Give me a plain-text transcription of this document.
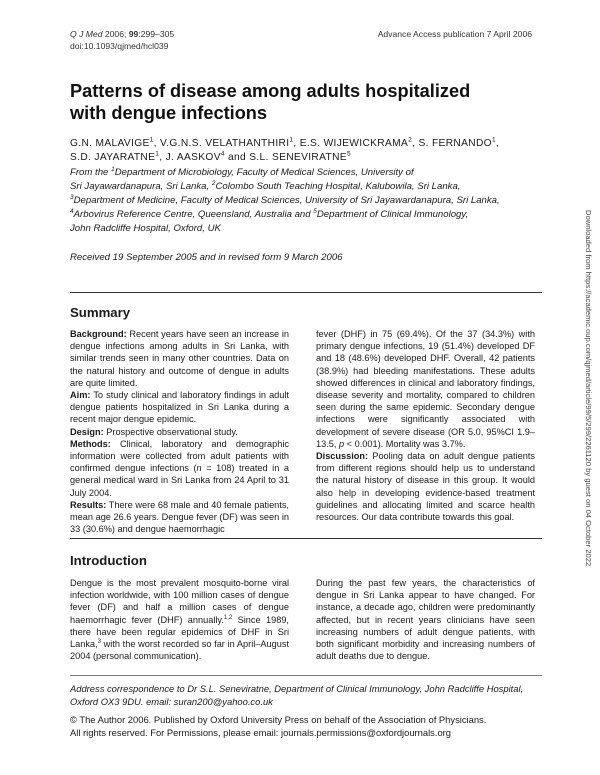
Q J Med 2006; 99:299–305
doi:10.1093/qjmed/hcl039
Advance Access publication 7 April 2006
Patterns of disease among adults hospitalized
with dengue infections
G.N. MALAVIGE$^1$, V.G.N.S. VELATHANTHIRI$^1$, E.S. WIJEWICKRAMA$^2$, S. FERNANDO$^1$,
S.D. JAYARATNE$^1$, J. AASKOV$^4$ and S.L. SENEVIRATNE$^5$
From the $^1$Department of Microbiology, Faculty of Medical Sciences, University of
Sri Jayawardanapura, Sri Lanka, $^2$Colombo South Teaching Hospital, Kalubowila, Sri Lanka,
$^3$Department of Medicine, Faculty of Medical Sciences, University of Sri Jayawardanapura, Sri Lanka,
$^4$Arbovirus Reference Centre, Queensland, Australia and $^5$Department of Clinical Immunology,
John Radcliffe Hospital, Oxford, UK
Received 19 September 2005 and in revised form 9 March 2006
Summary

Background: Recent years have seen an increase in dengue infections among adults in Sri Lanka, with similar trends seen in many other countries. Data on the natural history and outcome of dengue in adults are quite limited.

Aim: To study clinical and laboratory findings in adult dengue patients hospitalized in Sri Lanka during a recent major dengue epidemic.

Design: Prospective observational study.

Methods: Clinical, laboratory and demographic information were collected from adult patients with confirmed dengue infections (n = 108) treated in a general medical ward in Sri Lanka from 24 April to 31 July 2004.

Results: There were 68 male and 40 female patients, mean age 26.6 years. Dengue fever (DF) was seen in 33 (30.6%) and dengue haemorrhagic

fever (DHF) in 75 (69.4%). Of the 37 (34.3%) with primary dengue infections, 19 (51.4%) developed DF and 18 (48.6%) developed DHF. Overall, 42 patients (38.9%) had bleeding manifestations. These adults showed differences in clinical and laboratory findings, disease severity and mortality, compared to children seen during the same epidemic. Secondary dengue infections were significantly associated with development of severe disease (OR 5.0, 95%CI 1.9–13.5, p < 0.001). Mortality was 3.7%.

Discussion: Pooling data on adult dengue patients from different regions should help us to understand the natural history of disease in this group. It would also help in developing evidence-based treatment guidelines and allocating limited and scarce health resources. Our data contribute towards this goal.

Introduction

Dengue is the most prevalent mosquito-borne viral infection worldwide, with 100 million cases of dengue fever (DF) and half a million cases of dengue haemorrhagic fever (DHF) annually.$^{1,2}$ Since 1989, there have been regular epidemics of DHF in Sri Lanka,$^3$ with the worst recorded so far in April–August 2004 (personal communication).

During the past few years, the characteristics of dengue in Sri Lanka appear to have changed. For instance, a decade ago, children were predominantly affected, but in recent years clinicians have seen increasing numbers of adult dengue patients, with both significant morbidity and increasing numbers of adult deaths due to dengue.

Address correspondence to Dr S.L. Seneviratne, Department of Clinical Immunology, John Radcliffe Hospital, Oxford OX3 9DU. email: suran200@yahoo.co.uk
© The Author 2006. Published by Oxford University Press on behalf of the Association of Physicians.
All rights reserved. For Permissions, please email: journals.permissions@oxfordjournals.org
Downloaded from https://academic.oup.com/qjmed/article/99/5/299/2261120 by guest on 04 October 2022
